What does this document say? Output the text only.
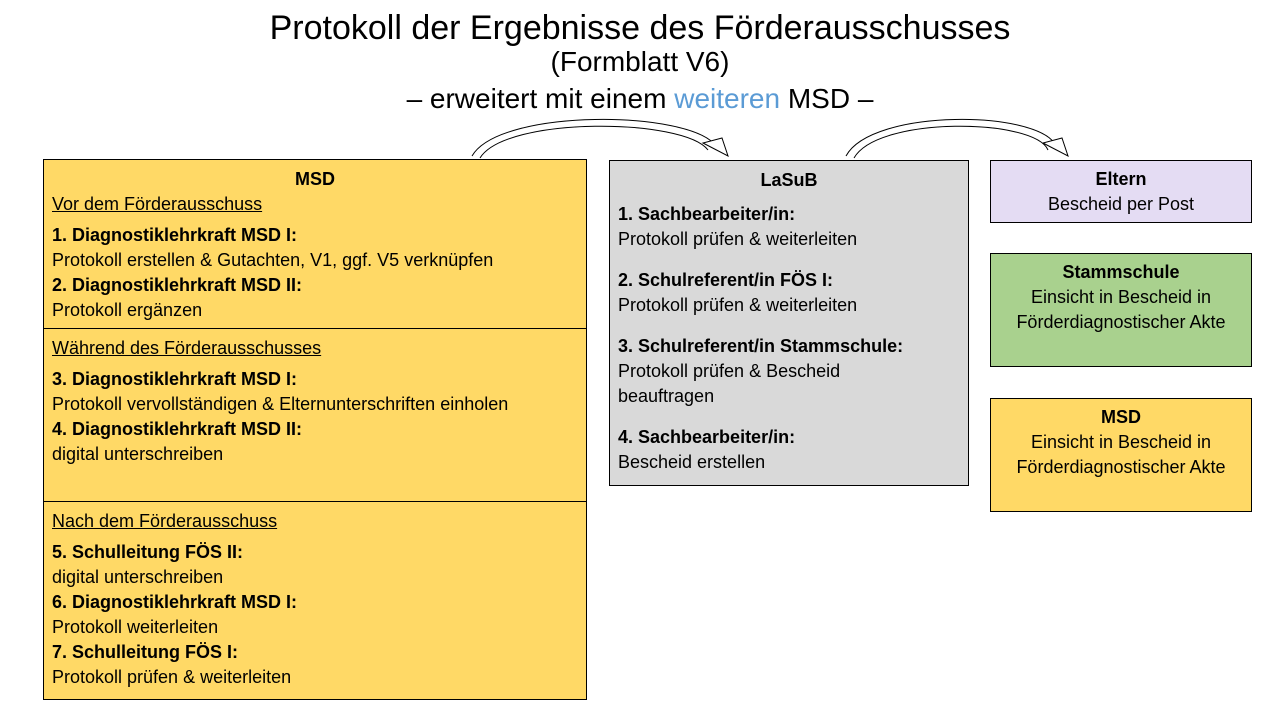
Protokoll der Ergebnisse des Förderausschusses
(Formblatt V6)
– erweitert mit einem weiteren MSD –
MSD
Vor dem Förderausschuss
1. Diagnostiklehrkraft MSD I:
Protokoll erstellen & Gutachten, V1, ggf. V5 verknüpfen
2. Diagnostiklehrkraft MSD II:
Protokoll ergänzen
Während des Förderausschusses
3. Diagnostiklehrkraft MSD I:
Protokoll vervollständigen & Elternunterschriften einholen
4. Diagnostiklehrkraft MSD II:
digital unterschreiben
Nach dem Förderausschuss
5. Schulleitung FÖS II:
digital unterschreiben
6. Diagnostiklehrkraft MSD I:
Protokoll weiterleiten
7. Schulleitung FÖS I:
Protokoll prüfen & weiterleiten
LaSuB
1. Sachbearbeiter/in:
Protokoll prüfen & weiterleiten
2. Schulreferent/in FÖS I:
Protokoll prüfen & weiterleiten
3. Schulreferent/in Stammschule:
Protokoll prüfen & Bescheid beauftragen
4. Sachbearbeiter/in:
Bescheid erstellen
Eltern
Bescheid per Post
Stammschule
Einsicht in Bescheid in Förderdiagnostischer Akte
MSD
Einsicht in Bescheid in Förderdiagnostischer Akte
